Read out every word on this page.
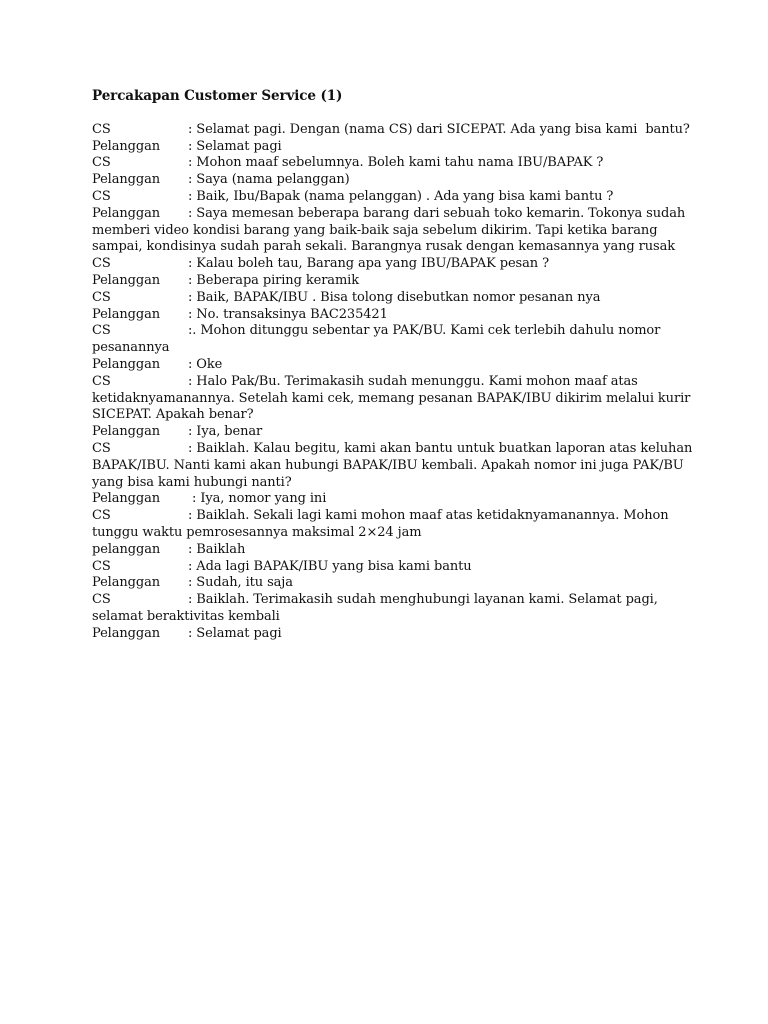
Percakapan Customer Service (1)
CS	: Selamat pagi. Dengan (nama CS) dari SICEPAT. Ada yang bisa kami  bantu?
Pelanggan : Selamat pagi
CS	: Mohon maaf sebelumnya. Boleh kami tahu nama IBU/BAPAK ?
Pelanggan : Saya (nama pelanggan)
CS	: Baik, Ibu/Bapak (nama pelanggan) . Ada yang bisa kami bantu ?
Pelanggan : Saya memesan beberapa barang dari sebuah toko kemarin. Tokonya sudah memberi video kondisi barang yang baik-baik saja sebelum dikirim. Tapi ketika barang sampai, kondisinya sudah parah sekali. Barangnya rusak dengan kemasannya yang rusak
CS	: Kalau boleh tau, Barang apa yang IBU/BAPAK pesan ?
Pelanggan : Beberapa piring keramik
CS	: Baik, BAPAK/IBU . Bisa tolong disebutkan nomor pesanan nya
Pelanggan : No. transaksinya BAC235421
CS	:. Mohon ditunggu sebentar ya PAK/BU. Kami cek terlebih dahulu nomor pesanannya
Pelanggan : Oke
CS	: Halo Pak/Bu. Terimakasih sudah menunggu. Kami mohon maaf atas ketidaknyamanannya. Setelah kami cek, memang pesanan BAPAK/IBU dikirim melalui kurir SICEPAT. Apakah benar?
Pelanggan : Iya, benar
CS	: Baiklah. Kalau begitu, kami akan bantu untuk buatkan laporan atas keluhan BAPAK/IBU. Nanti kami akan hubungi BAPAK/IBU kembali. Apakah nomor ini juga PAK/BU yang bisa kami hubungi nanti?
Pelanggan : Iya, nomor yang ini
CS	: Baiklah. Sekali lagi kami mohon maaf atas ketidaknyamanannya. Mohon tunggu waktu pemrosesannya maksimal 2×24 jam
pelanggan : Baiklah
CS	: Ada lagi BAPAK/IBU yang bisa kami bantu
Pelanggan : Sudah, itu saja
CS	: Baiklah. Terimakasih sudah menghubungi layanan kami. Selamat pagi, selamat beraktivitas kembali
Pelanggan : Selamat pagi
